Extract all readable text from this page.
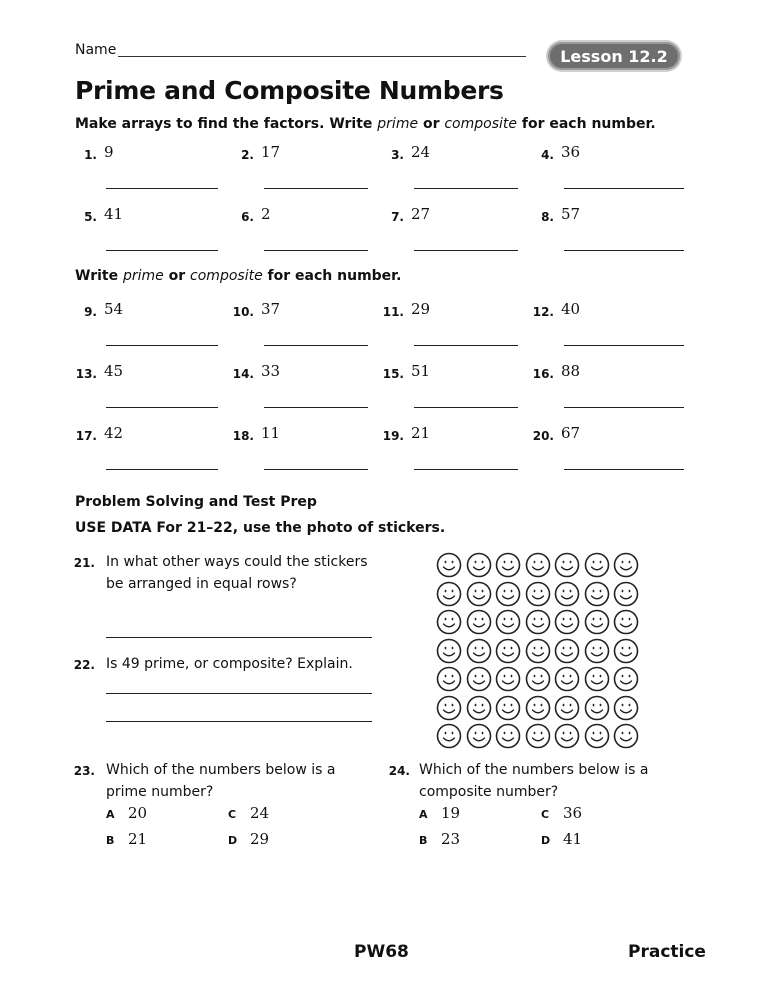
Name	Lesson 12.2
Prime and Composite Numbers
Make arrays to find the factors. Write prime or composite for each number.
Write prime or composite for each number.
1. 9	2. 17	3. 24	4. 36
5. 41	6. 2	7. 27	8. 57
9. 54	10. 37	11. 29	12. 40
13. 45	14. 33	15. 51	16. 88
17. 42	18. 11	19. 21	20. 67
Problem Solving and Test Prep
USE DATA For 21–22, use the photo of stickers.
21. In what other ways could the stickers
be arranged in equal rows?
22. Is 49 prime, or composite? Explain.
23. Which of the numbers below is a
prime number?
A 20	C 24
B 21	D 29
24. Which of the numbers below is a
composite number?
A 19	C 36
B 23	D 41
PW68	Practice
